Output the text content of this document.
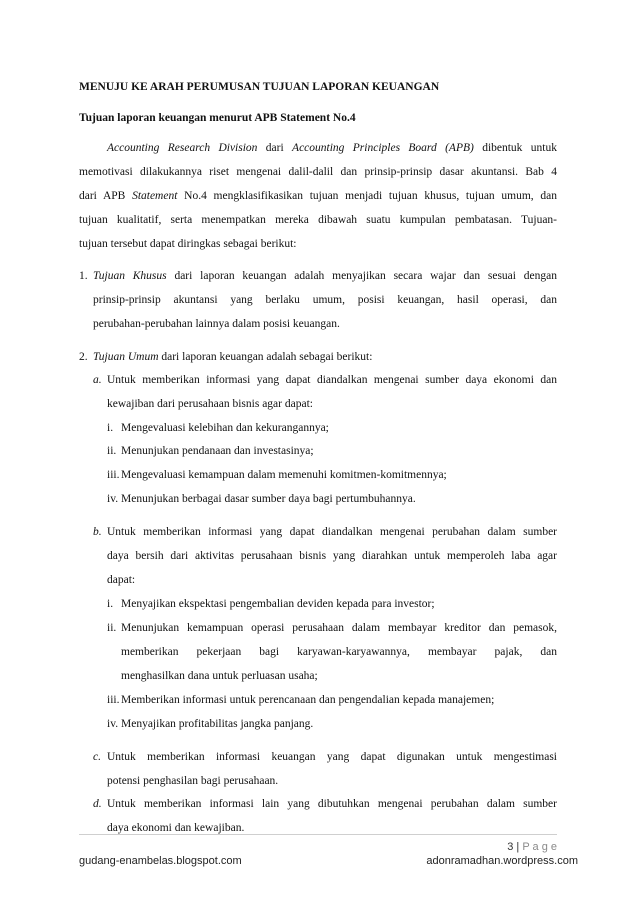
MENUJU KE ARAH PERUMUSAN TUJUAN LAPORAN KEUANGAN
Tujuan laporan keuangan menurut APB Statement No.4
Accounting Research Division dari Accounting Principles Board (APB) dibentuk untuk
memotivasi dilakukannya riset mengenai dalil-dalil dan prinsip-prinsip dasar akuntansi. Bab 4
dari APB Statement No.4 mengklasifikasikan tujuan menjadi tujuan khusus, tujuan umum, dan
tujuan kualitatif, serta menempatkan mereka dibawah suatu kumpulan pembatasan. Tujuan-
tujuan tersebut dapat diringkas sebagai berikut:
1. Tujuan Khusus dari laporan keuangan adalah menyajikan secara wajar dan sesuai dengan
prinsip-prinsip akuntansi yang berlaku umum, posisi keuangan, hasil operasi, dan
perubahan-perubahan lainnya dalam posisi keuangan.
2. Tujuan Umum dari laporan keuangan adalah sebagai berikut:
a. Untuk memberikan informasi yang dapat diandalkan mengenai sumber daya ekonomi dan
kewajiban dari perusahaan bisnis agar dapat:
i. Mengevaluasi kelebihan dan kekurangannya;
ii. Menunjukan pendanaan dan investasinya;
iii. Mengevaluasi kemampuan dalam memenuhi komitmen-komitmennya;
iv. Menunjukan berbagai dasar sumber daya bagi pertumbuhannya.
b. Untuk memberikan informasi yang dapat diandalkan mengenai perubahan dalam sumber
daya bersih dari aktivitas perusahaan bisnis yang diarahkan untuk memperoleh laba agar
dapat:
i. Menyajikan ekspektasi pengembalian deviden kepada para investor;
ii. Menunjukan kemampuan operasi perusahaan dalam membayar kreditor dan pemasok,
memberikan pekerjaan bagi karyawan-karyawannya, membayar pajak, dan
menghasilkan dana untuk perluasan usaha;
iii. Memberikan informasi untuk perencanaan dan pengendalian kepada manajemen;
iv. Menyajikan profitabilitas jangka panjang.
c. Untuk memberikan informasi keuangan yang dapat digunakan untuk mengestimasi
potensi penghasilan bagi perusahaan.
d. Untuk memberikan informasi lain yang dibutuhkan mengenai perubahan dalam sumber
daya ekonomi dan kewajiban.
3 | P a g e
gudang-enambelas.blogspot.com	adonramadhan.wordpress.com
